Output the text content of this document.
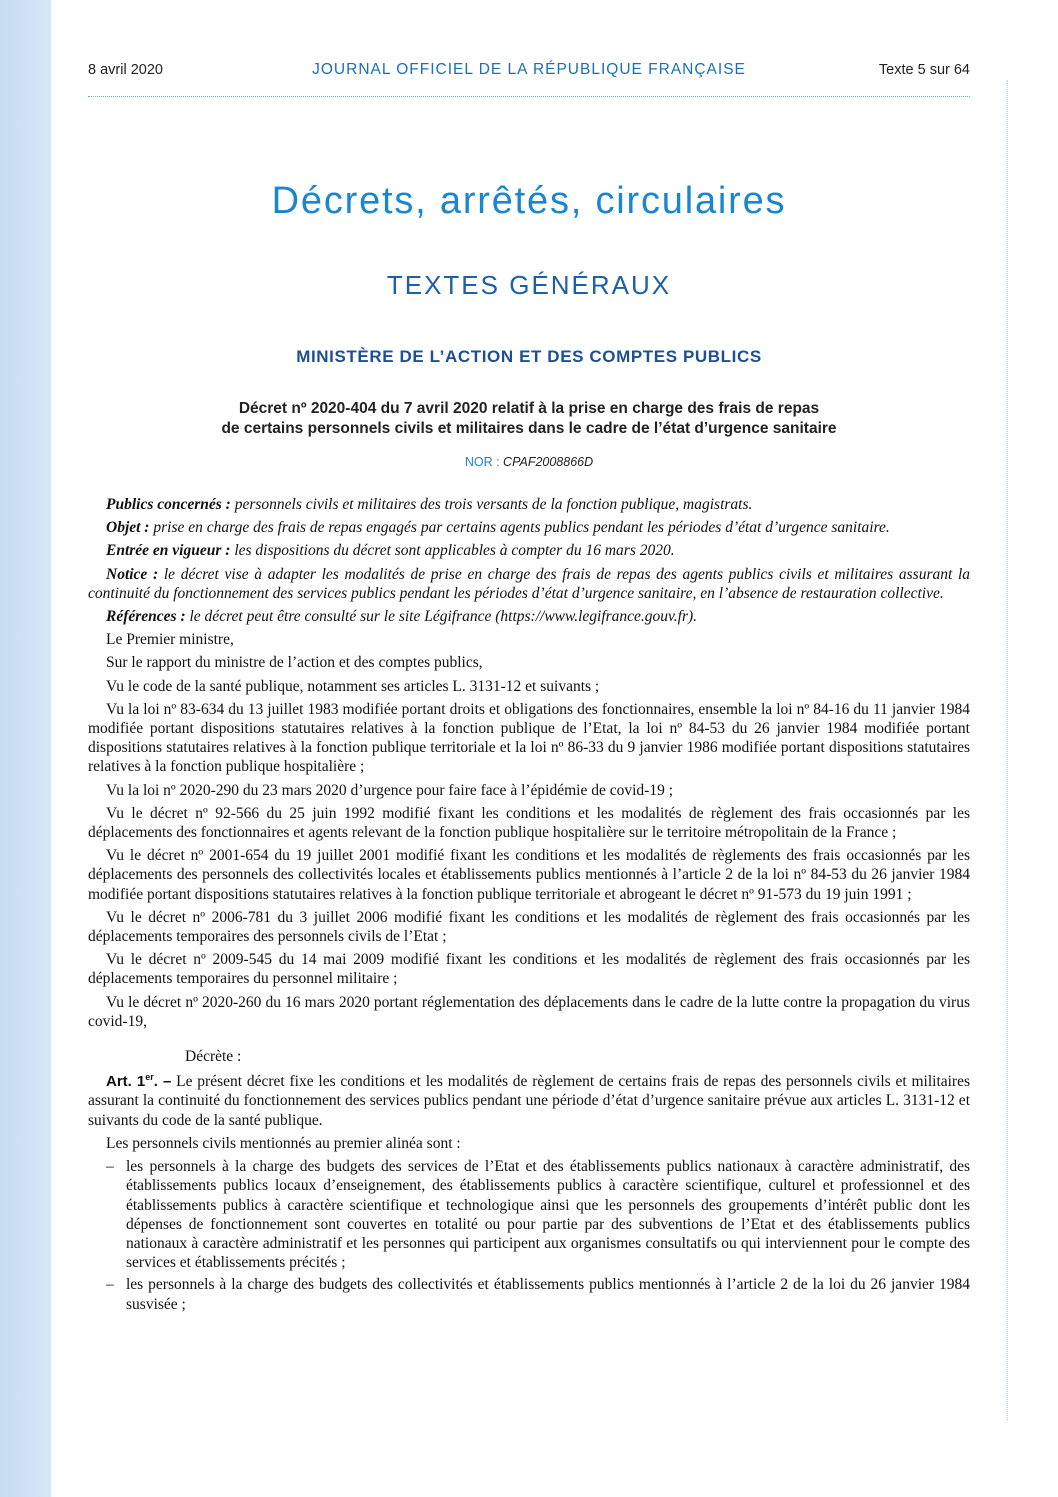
8 avril 2020	JOURNAL OFFICIEL DE LA RÉPUBLIQUE FRANÇAISE	Texte 5 sur 64
Décrets, arrêtés, circulaires
TEXTES GÉNÉRAUX
MINISTÈRE DE L’ACTION ET DES COMPTES PUBLICS
Décret nº 2020-404 du 7 avril 2020 relatif à la prise en charge des frais de repas
de certains personnels civils et militaires dans le cadre de l’état d’urgence sanitaire
NOR : CPAF2008866D

Publics concernés : personnels civils et militaires des trois versants de la fonction publique, magistrats.

Objet : prise en charge des frais de repas engagés par certains agents publics pendant les périodes d’état d’urgence sanitaire.

Entrée en vigueur : les dispositions du décret sont applicables à compter du 16 mars 2020.

Notice : le décret vise à adapter les modalités de prise en charge des frais de repas des agents publics civils et militaires assurant la continuité du fonctionnement des services publics pendant les périodes d’état d’urgence sanitaire, en l’absence de restauration collective.

Références : le décret peut être consulté sur le site Légifrance (https://www.legifrance.gouv.fr).

Le Premier ministre,

Sur le rapport du ministre de l’action et des comptes publics,

Vu le code de la santé publique, notamment ses articles L. 3131-12 et suivants ;

Vu la loi nº 83-634 du 13 juillet 1983 modifiée portant droits et obligations des fonctionnaires, ensemble la loi nº 84-16 du 11 janvier 1984 modifiée portant dispositions statutaires relatives à la fonction publique de l’Etat, la loi nº 84-53 du 26 janvier 1984 modifiée portant dispositions statutaires relatives à la fonction publique territoriale et la loi nº 86-33 du 9 janvier 1986 modifiée portant dispositions statutaires relatives à la fonction publique hospitalière ;

Vu la loi nº 2020-290 du 23 mars 2020 d’urgence pour faire face à l’épidémie de covid-19 ;

Vu le décret nº 92-566 du 25 juin 1992 modifié fixant les conditions et les modalités de règlement des frais occasionnés par les déplacements des fonctionnaires et agents relevant de la fonction publique hospitalière sur le territoire métropolitain de la France ;

Vu le décret nº 2001-654 du 19 juillet 2001 modifié fixant les conditions et les modalités de règlements des frais occasionnés par les déplacements des personnels des collectivités locales et établissements publics mentionnés à l’article 2 de la loi nº 84-53 du 26 janvier 1984 modifiée portant dispositions statutaires relatives à la fonction publique territoriale et abrogeant le décret nº 91-573 du 19 juin 1991 ;

Vu le décret nº 2006-781 du 3 juillet 2006 modifié fixant les conditions et les modalités de règlement des frais occasionnés par les déplacements temporaires des personnels civils de l’Etat ;

Vu le décret nº 2009-545 du 14 mai 2009 modifié fixant les conditions et les modalités de règlement des frais occasionnés par les déplacements temporaires du personnel militaire ;

Vu le décret nº 2020-260 du 16 mars 2020 portant réglementation des déplacements dans le cadre de la lutte contre la propagation du virus covid-19,

Décrète :

Art. 1er. – Le présent décret fixe les conditions et les modalités de règlement de certains frais de repas des personnels civils et militaires assurant la continuité du fonctionnement des services publics pendant une période d’état d’urgence sanitaire prévue aux articles L. 3131-12 et suivants du code de la santé publique.

Les personnels civils mentionnés au premier alinéa sont :

– les personnels à la charge des budgets des services de l’Etat et des établissements publics nationaux à caractère administratif, des établissements publics locaux d’enseignement, des établissements publics à caractère scientifique, culturel et professionnel et des établissements publics à caractère scientifique et technologique ainsi que les personnels des groupements d’intérêt public dont les dépenses de fonctionnement sont couvertes en totalité ou pour partie par des subventions de l’Etat et des établissements publics nationaux à caractère administratif et les personnes qui participent aux organismes consultatifs ou qui interviennent pour le compte des services et établissements précités ;
– les personnels à la charge des budgets des collectivités et établissements publics mentionnés à l’article 2 de la loi du 26 janvier 1984 susvisée ;
